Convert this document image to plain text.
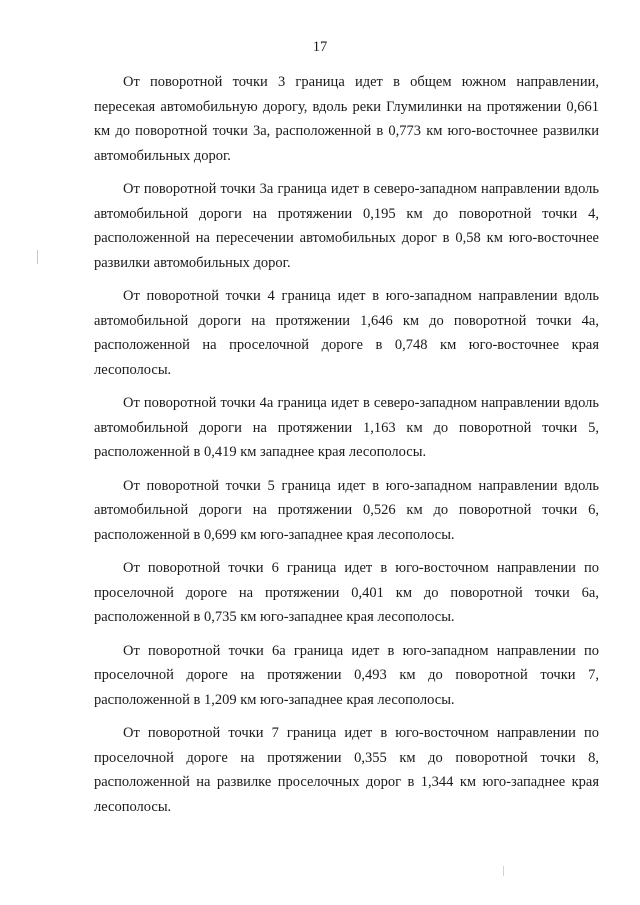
17

От поворотной точки 3 граница идет в общем южном направлении, пересекая автомобильную дорогу, вдоль реки Глумилинки на протяжении 0,661 км до поворотной точки 3а, расположенной в 0,773 км юго-восточнее развилки автомобильных дорог.

От поворотной точки 3а граница идет в северо-западном направлении вдоль автомобильной дороги на протяжении 0,195 км до поворотной точки 4, расположенной на пересечении автомобильных дорог в 0,58 км юго-восточнее развилки автомобильных дорог.

От поворотной точки 4 граница идет в юго-западном направлении вдоль автомобильной дороги на протяжении 1,646 км до поворотной точки 4а, расположенной на проселочной дороге в 0,748 км юго-восточнее края лесополосы.

От поворотной точки 4а граница идет в северо-западном направлении вдоль автомобильной дороги на протяжении 1,163 км до поворотной точки 5, расположенной в 0,419 км западнее края лесополосы.

От поворотной точки 5 граница идет в юго-западном направлении вдоль автомобильной дороги на протяжении 0,526 км до поворотной точки 6, расположенной в 0,699 км юго-западнее края лесополосы.

От поворотной точки 6 граница идет в юго-восточном направлении по проселочной дороге на протяжении 0,401 км до поворотной точки 6а, расположенной в 0,735 км юго-западнее края лесополосы.

От поворотной точки 6а граница идет в юго-западном направлении по проселочной дороге на протяжении 0,493 км до поворотной точки 7, расположенной в 1,209 км юго-западнее края лесополосы.

От поворотной точки 7 граница идет в юго-восточном направлении по проселочной дороге на протяжении 0,355 км до поворотной точки 8, расположенной на развилке проселочных дорог в 1,344 км юго-западнее края лесополосы.
